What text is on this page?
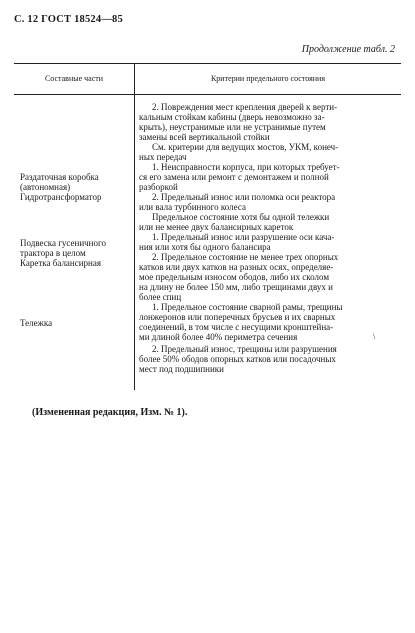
С. 12 ГОСТ 18524—85
Продолжение табл. 2
Составные части	Критерии предельного состояния
Раздаточная коробка
(автономная)
Гидротрансформатор
Подвеска гусеничного
трактора в целом
Каретка балансирная
Тележка
2. Повреждения мест крепления дверей к верти-
кальным стойкам кабины (дверь невозможно за-
крыть), неустранимые или не устранимые путем
замены всей вертикальной стойки
См. критерии для ведущих мостов, УКМ, конеч-
ных передач
1. Неисправности корпуса, при которых требует-
ся его замена или ремонт с демонтажем и полной
разборкой
2. Предельный износ или поломка оси реактора
или вала турбинного колеса
Предельное состояние хотя бы одной тележки
или не менее двух балансирных кареток
1. Предельный износ или разрушение оси кача-
ния или хотя бы одного балансира
2. Предельное состояние не менее трех опорных
катков или двух катков на разных осях, определяе-
мое предельным износом ободов, либо их сколом
на длину не более 150 мм, либо трещинами двух и
более спиц
1. Предельное состояние сварной рамы, трещины
лонжеронов или поперечных брусьев и их сварных
соединений, в том числе с несущими кронштейна-
ми длиной более 40% периметра сечения
2. Предельный износ, трещины или разрушения
более 50% ободов опорных катков или посадочных
мест под подшипники
\
(Измененная редакция, Изм. № 1).
